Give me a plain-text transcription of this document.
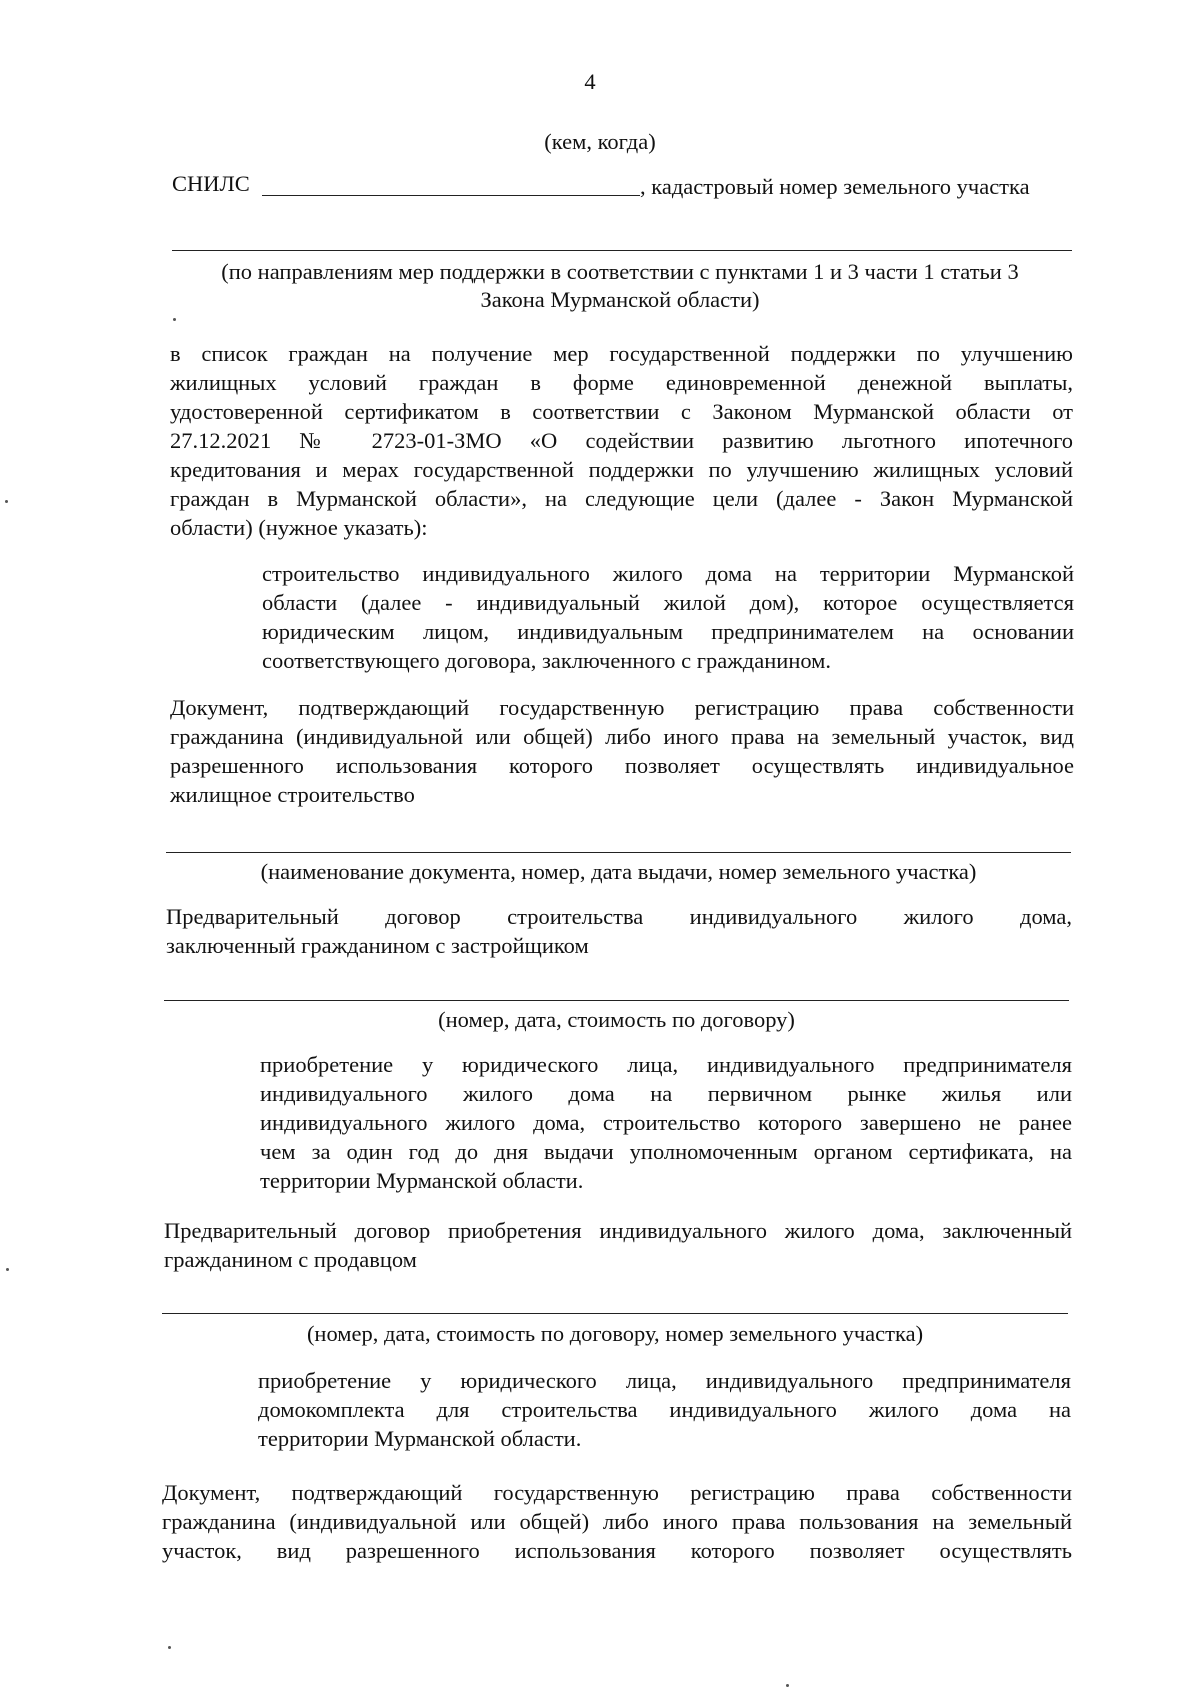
4
(кем, когда)
СНИЛС	, кадастровый номер земельного участка
(по направлениям мер поддержки в соответствии с пунктами 1 и 3 части 1 статьи 3
Закона Мурманской области)
в список граждан на получение мер государственной поддержки по улучшению
жилищных условий граждан в форме единовременной денежной выплаты,
удостоверенной сертификатом в соответствии с Законом Мурманской области от
27.12.2021 № 2723-01-ЗМО «О содействии развитию льготного ипотечного
кредитования и мерах государственной поддержки по улучшению жилищных условий
граждан в Мурманской области», на следующие цели (далее - Закон Мурманской
области) (нужное указать):
строительство индивидуального жилого дома на территории Мурманской
области (далее - индивидуальный жилой дом), которое осуществляется
юридическим лицом, индивидуальным предпринимателем на основании
соответствующего договора, заключенного с гражданином.
Документ, подтверждающий государственную регистрацию права собственности
гражданина (индивидуальной или общей) либо иного права на земельный участок, вид
разрешенного использования которого позволяет осуществлять индивидуальное
жилищное строительство
(наименование документа, номер, дата выдачи, номер земельного участка)
Предварительный договор строительства индивидуального жилого дома,
заключенный гражданином с застройщиком
(номер, дата, стоимость по договору)
приобретение у юридического лица, индивидуального предпринимателя
индивидуального жилого дома на первичном рынке жилья или
индивидуального жилого дома, строительство которого завершено не ранее
чем за один год до дня выдачи уполномоченным органом сертификата, на
территории Мурманской области.
Предварительный договор приобретения индивидуального жилого дома, заключенный
гражданином с продавцом
(номер, дата, стоимость по договору, номер земельного участка)
приобретение у юридического лица, индивидуального предпринимателя
домокомплекта для строительства индивидуального жилого дома на
территории Мурманской области.
Документ, подтверждающий государственную регистрацию права собственности
гражданина (индивидуальной или общей) либо иного права пользования на земельный
участок, вид разрешенного использования которого позволяет осуществлять
